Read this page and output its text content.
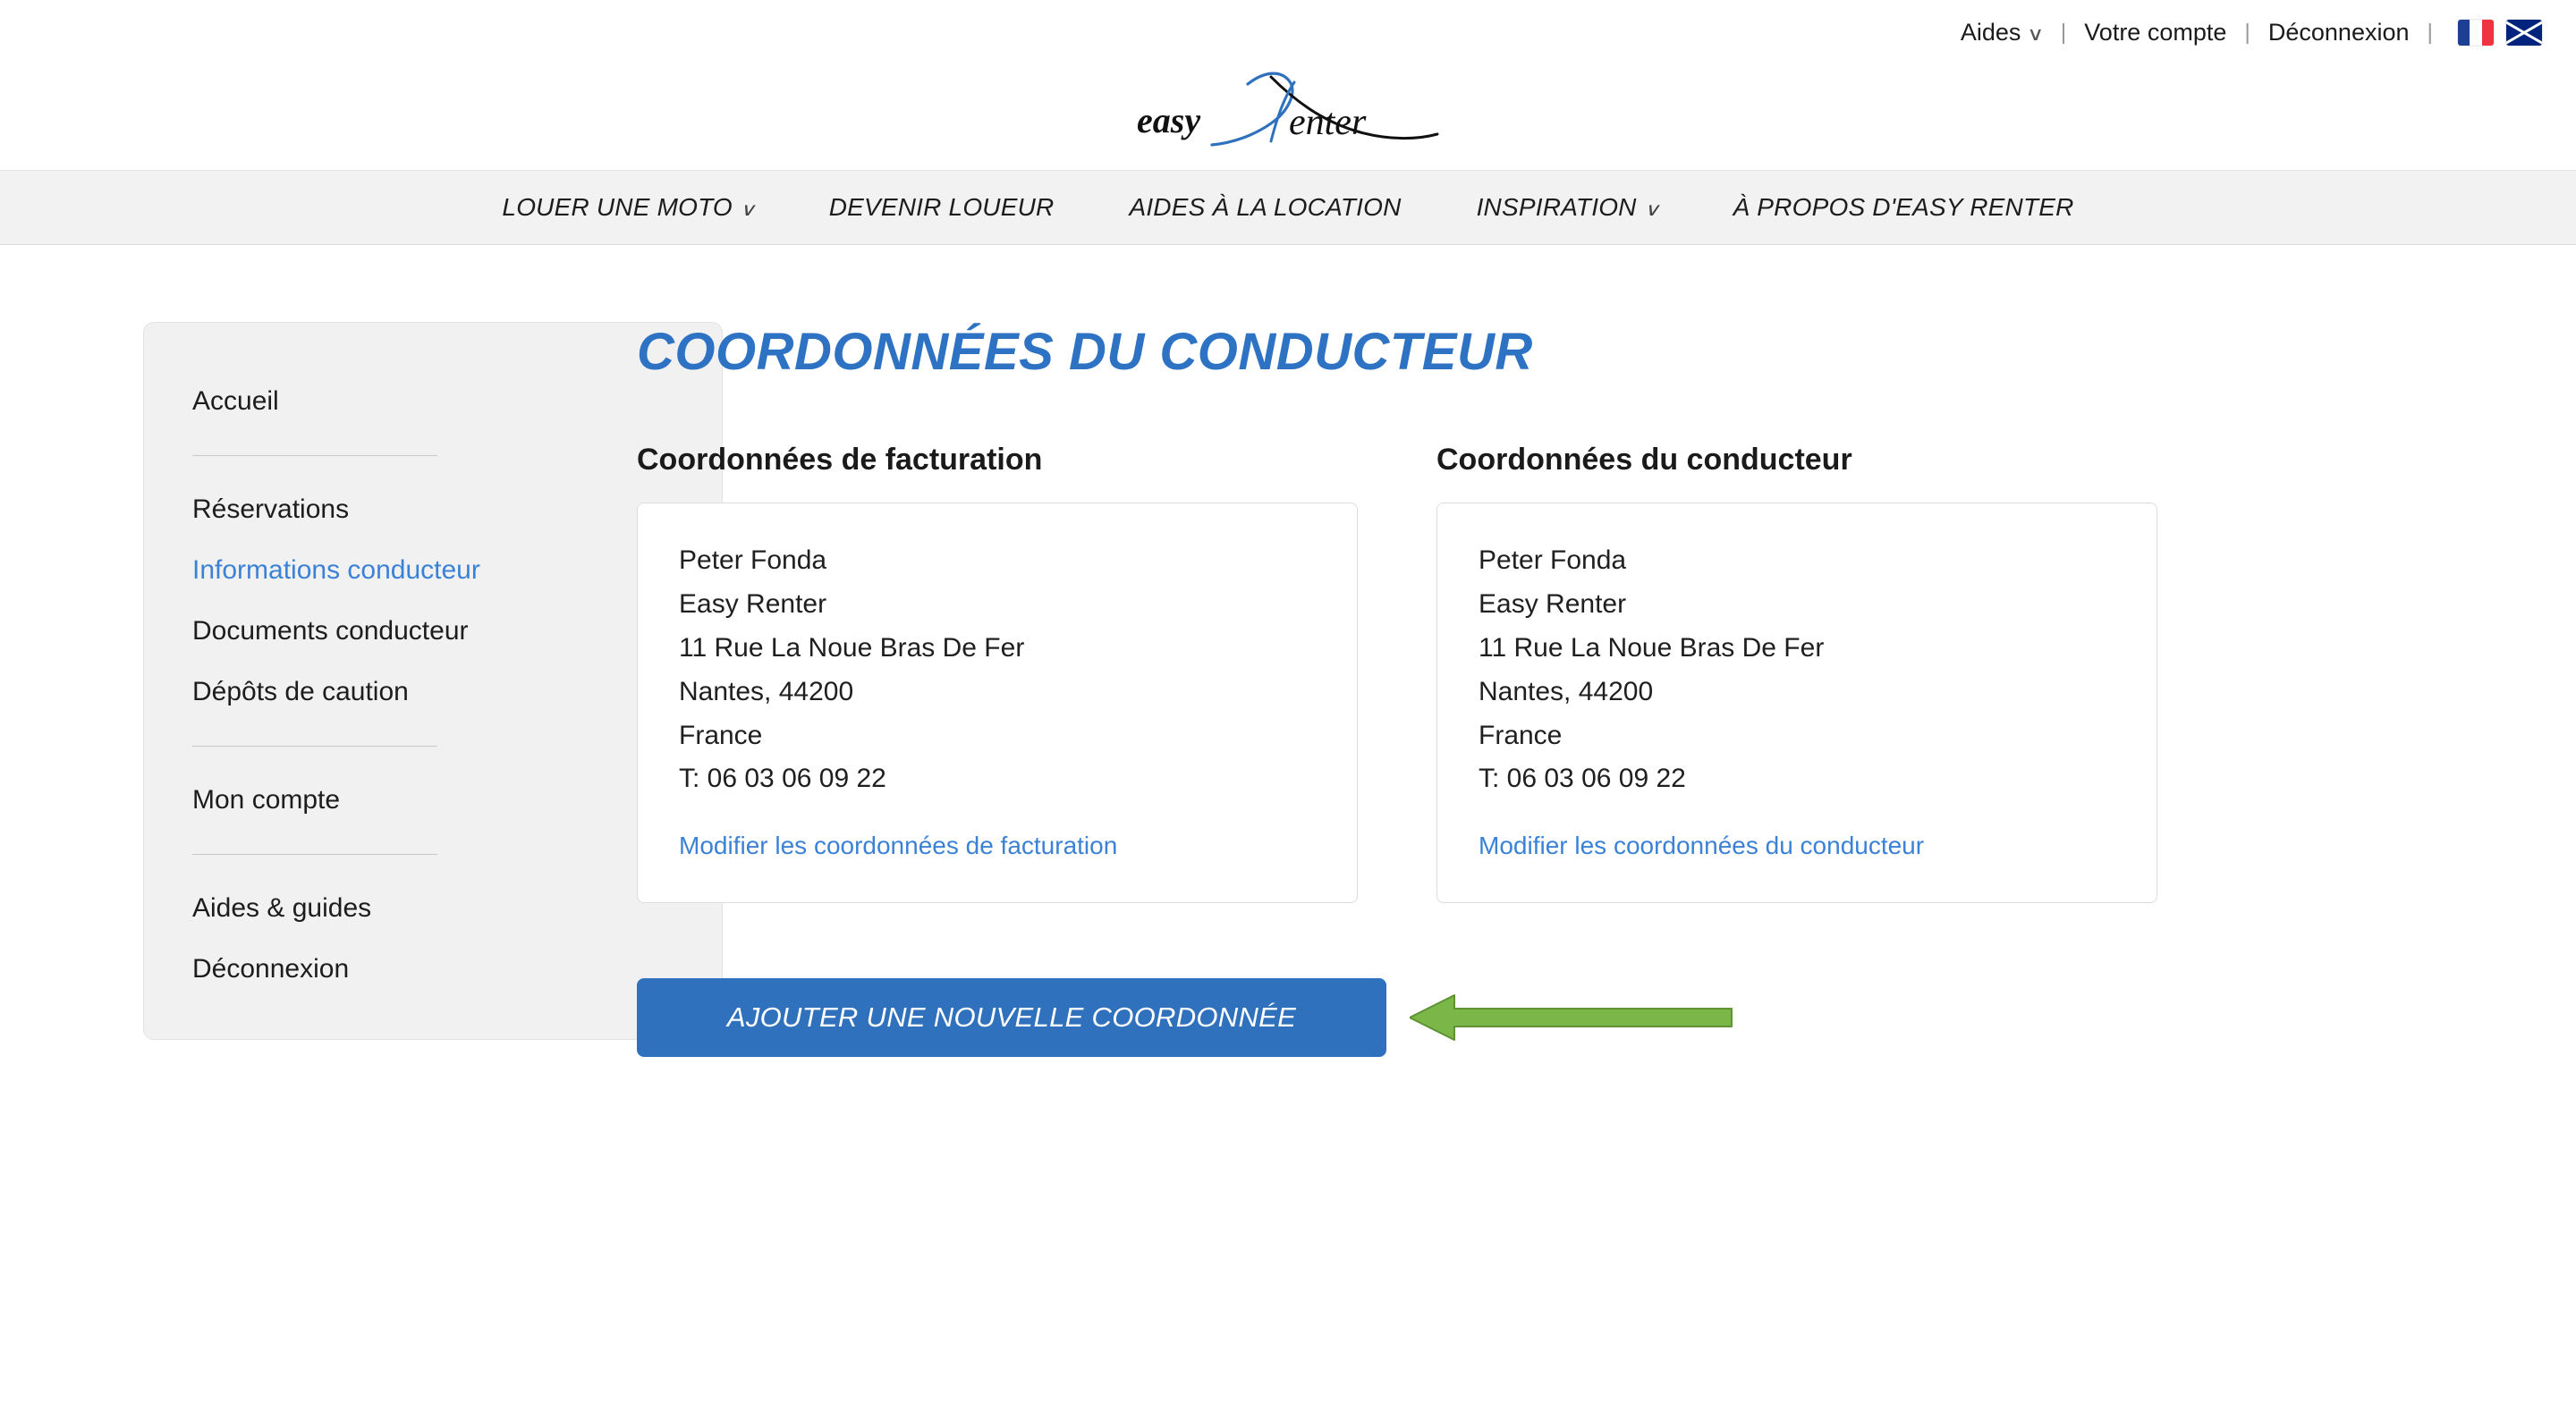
Aides ∨ | Votre compte | Déconnexion |
easy enter
LOUER UNE MOTO ∨	DEVENIR LOUEUR	AIDES À LA LOCATION	INSPIRATION ∨	À PROPOS D'EASY RENTER
Accueil
Réservations
Informations conducteur
Documents conducteur
Dépôts de caution
Mon compte
Aides & guides
Déconnexion
COORDONNÉES DU CONDUCTEUR
Coordonnées de facturation
Peter Fonda
Easy Renter
11 Rue La Noue Bras De Fer
Nantes, 44200
France
T: 06 03 06 09 22
Modifier les coordonnées de facturation
Coordonnées du conducteur
Peter Fonda
Easy Renter
11 Rue La Noue Bras De Fer
Nantes, 44200
France
T: 06 03 06 09 22
Modifier les coordonnées du conducteur
AJOUTER UNE NOUVELLE COORDONNÉE
